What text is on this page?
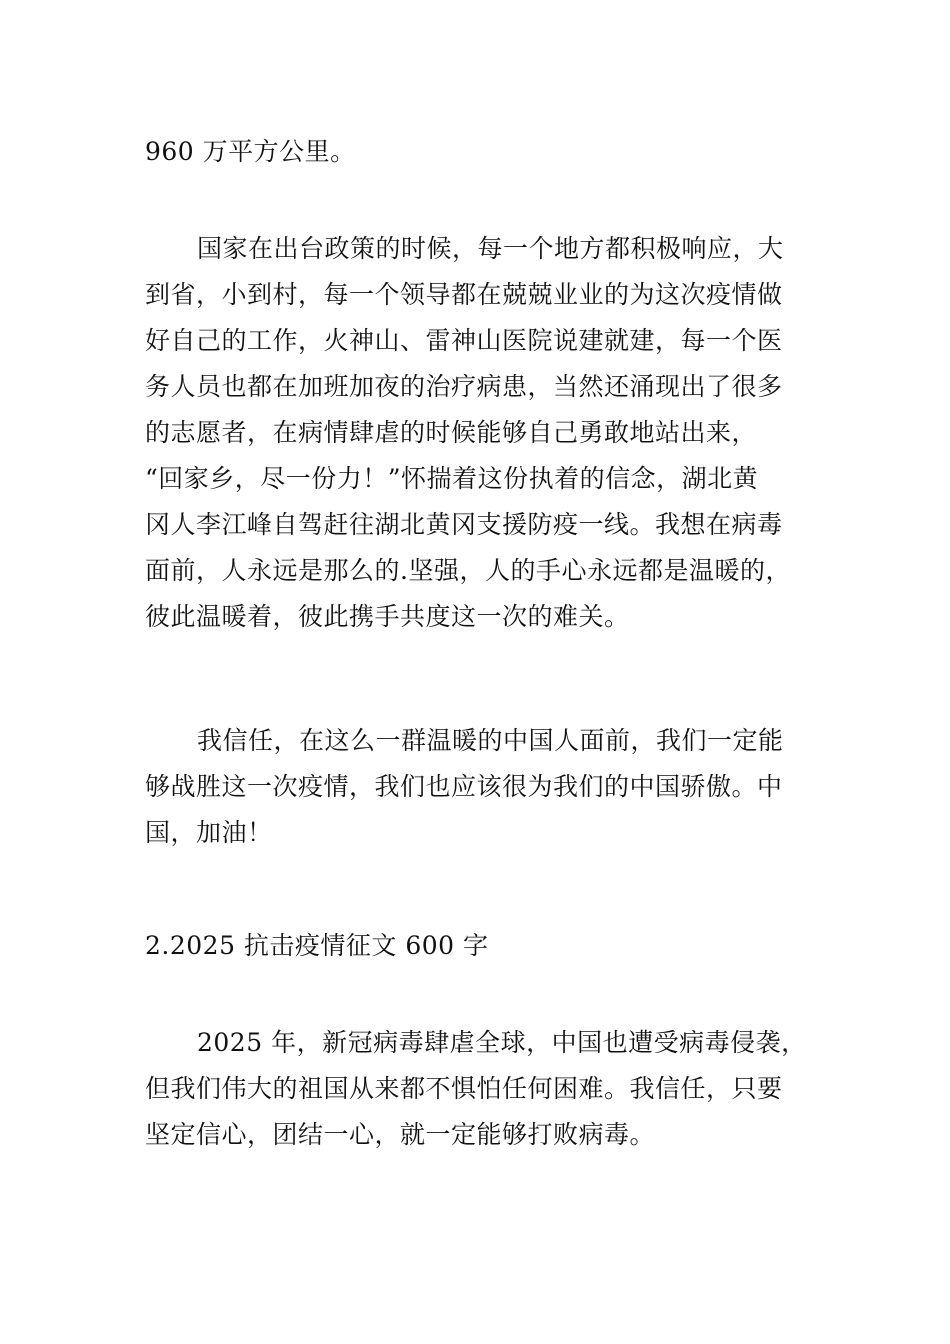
960 万平方公里。
国家在出台政策的时候，每一个地方都积极响应，大
到省，小到村，每一个领导都在兢兢业业的为这次疫情做
好自己的工作，火神山、雷神山医院说建就建，每一个医
务人员也都在加班加夜的治疗病患，当然还涌现出了很多
的志愿者，在病情肆虐的时候能够自己勇敢地站出来，
“回家乡，尽一份力！”怀揣着这份执着的信念，湖北黄
冈人李江峰自驾赶往湖北黄冈支援防疫一线。我想在病毒
面前，人永远是那么的.坚强，人的手心永远都是温暖的，
彼此温暖着，彼此携手共度这一次的难关。
我信任，在这么一群温暖的中国人面前，我们一定能
够战胜这一次疫情，我们也应该很为我们的中国骄傲。中
国，加油！
2.2025 抗击疫情征文 600 字
2025 年，新冠病毒肆虐全球，中国也遭受病毒侵袭，
但我们伟大的祖国从来都不惧怕任何困难。我信任，只要
坚定信心，团结一心，就一定能够打败病毒。
